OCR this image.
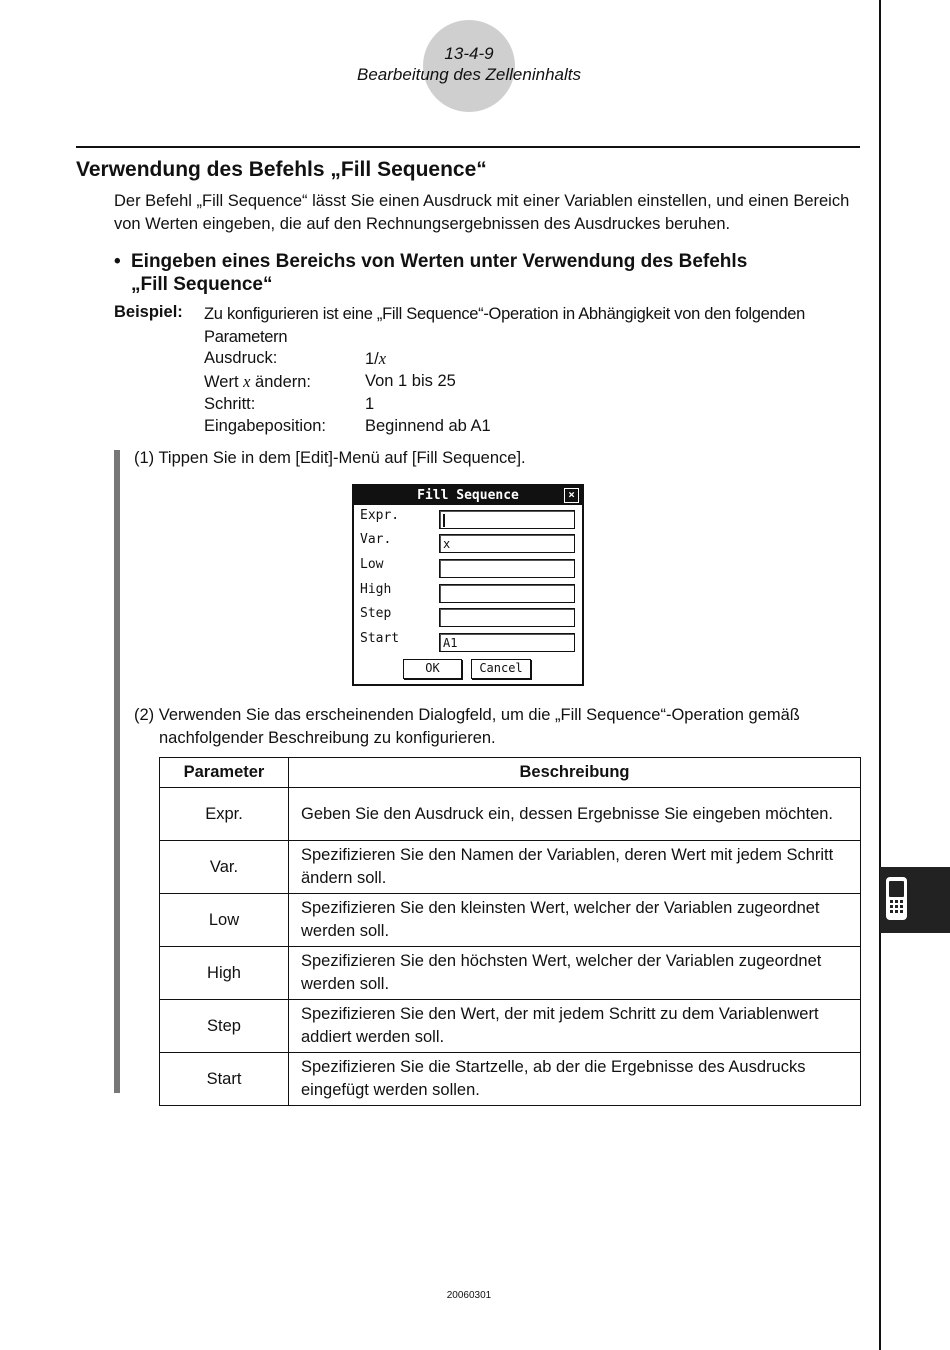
13-4-9
Bearbeitung des Zelleninhalts
Verwendung des Befehls „Fill Sequence“
Der Befehl „Fill Sequence“ lässt Sie einen Ausdruck mit einer Variablen einstellen, und einen Bereich von Werten eingeben, die auf den Rechnungsergebnissen des Ausdruckes beruhen.
• Eingeben eines Bereichs von Werten unter Verwendung des Befehls
„Fill Sequence“
Beispiel: Zu konfigurieren ist eine „Fill Sequence“-Operation in Abhängigkeit von den folgenden Parametern
Ausdruck:	1/x
Wert x ändern:	Von 1 bis 25
Schritt:	1
Eingabeposition: Beginnend ab A1
(1) Tippen Sie in dem [Edit]-Menü auf [Fill Sequence].
Fill Sequence	×
Expr.
Var.	x
Low
High
Step
Start	A1
OK	Cancel
(2) Verwenden Sie das erscheinenden Dialogfeld, um die „Fill Sequence“-Operation gemäß
nachfolgender Beschreibung zu konfigurieren.
Parameter	Beschreibung
Expr.	Geben Sie den Ausdruck ein, dessen Ergebnisse Sie eingeben möchten.
Var.	Spezifizieren Sie den Namen der Variablen, deren Wert mit jedem Schritt ändern soll.
Low	Spezifizieren Sie den kleinsten Wert, welcher der Variablen zugeordnet werden soll.
High	Spezifizieren Sie den höchsten Wert, welcher der Variablen zugeordnet werden soll.
Step	Spezifizieren Sie den Wert, der mit jedem Schritt zu dem Variablenwert addiert werden soll.
Start	Spezifizieren Sie die Startzelle, ab der die Ergebnisse des Ausdrucks eingefügt werden sollen.
20060301
